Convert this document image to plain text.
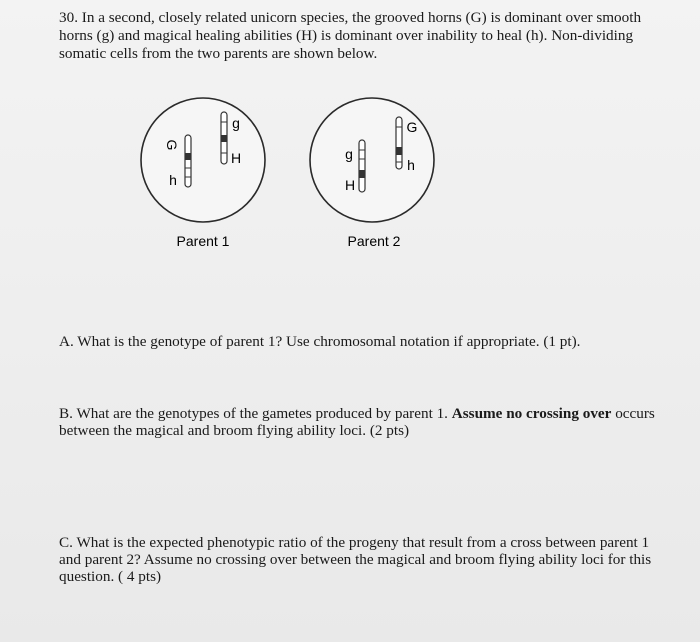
30. In a second, closely related unicorn species, the grooved horns (G) is dominant over smooth horns (g) and magical healing abilities (H) is dominant over inability to heal (h). Non-dividing somatic cells from the two parents are shown below.
G
h
g
H	g
H
G
h
Parent 1	Parent 2
A. What is the genotype of parent 1? Use chromosomal notation if appropriate. (1 pt).
B. What are the genotypes of the gametes produced by parent 1. Assume no crossing over occurs between the magical and broom flying ability loci. (2 pts)
C. What is the expected phenotypic ratio of the progeny that result from a cross between parent 1 and parent 2? Assume no crossing over between the magical and broom flying ability loci for this question. ( 4 pts)
